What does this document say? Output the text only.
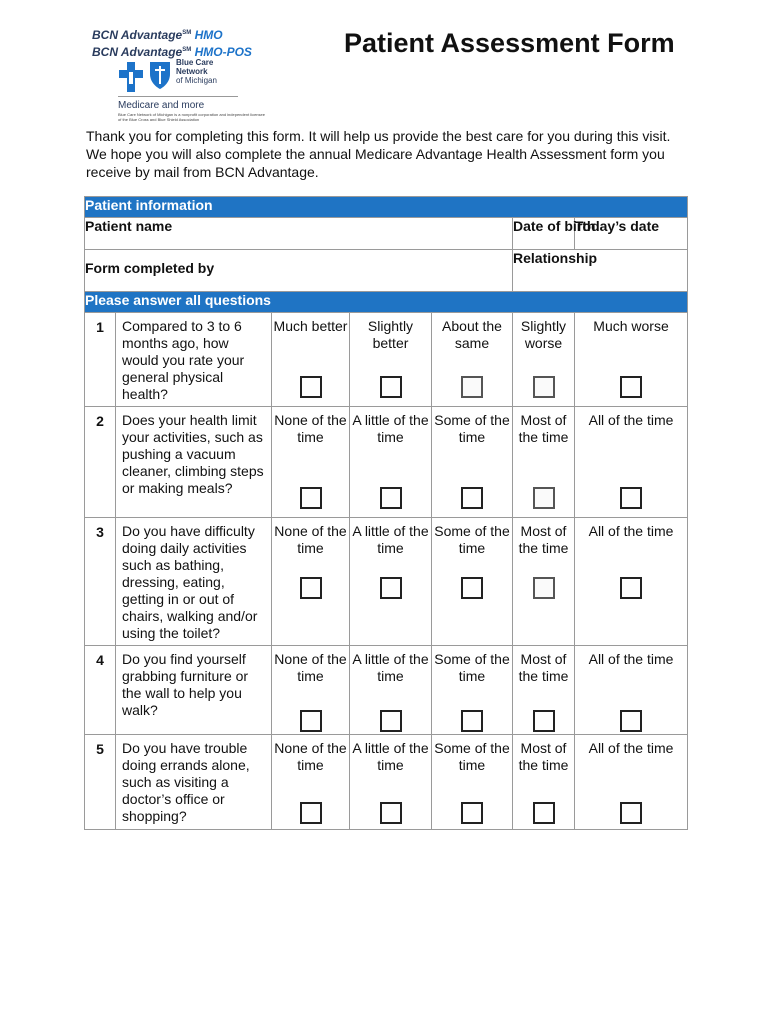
BCN Advantage℠ HMO
BCN Advantage℠ HMO-POS
Blue Care
Network
of Michigan
Medicare and more
Blue Care Network of Michigan is a nonprofit corporation and independent licensee of the Blue Cross and Blue Shield Association
Patient Assessment Form

Thank you for completing this form. It will help us provide the best care for you during this visit. We hope you will also complete the annual Medicare Advantage Health Assessment form you receive by mail from BCN Advantage.

Patient information						
Patient name					Date of birth	Today’s date
Form completed by					Relationship	
Please answer all questions						
1	Compared to 3 to 6 months ago, how would you rate your general physical health?	Much better	Slightly better	About the same	Slightly worse	Much worse

2	Does your health limit your activities, such as pushing a vacuum cleaner, climbing steps or making meals?	None of the time	A little of the time	Some of the time	Most of the time	All of the time

3	Do you have difficulty doing daily activities such as bathing, dressing, eating, getting in or out of chairs, walking and/or using the toilet?	None of the time	A little of the time	Some of the time	Most of the time	All of the time

4	Do you find yourself grabbing furniture or the wall to help you walk?	None of the time	A little of the time	Some of the time	Most of the time	All of the time

5	Do you have trouble doing errands alone, such as visiting a doctor’s office or shopping?	None of the time	A little of the time	Some of the time	Most of the time	All of the time
